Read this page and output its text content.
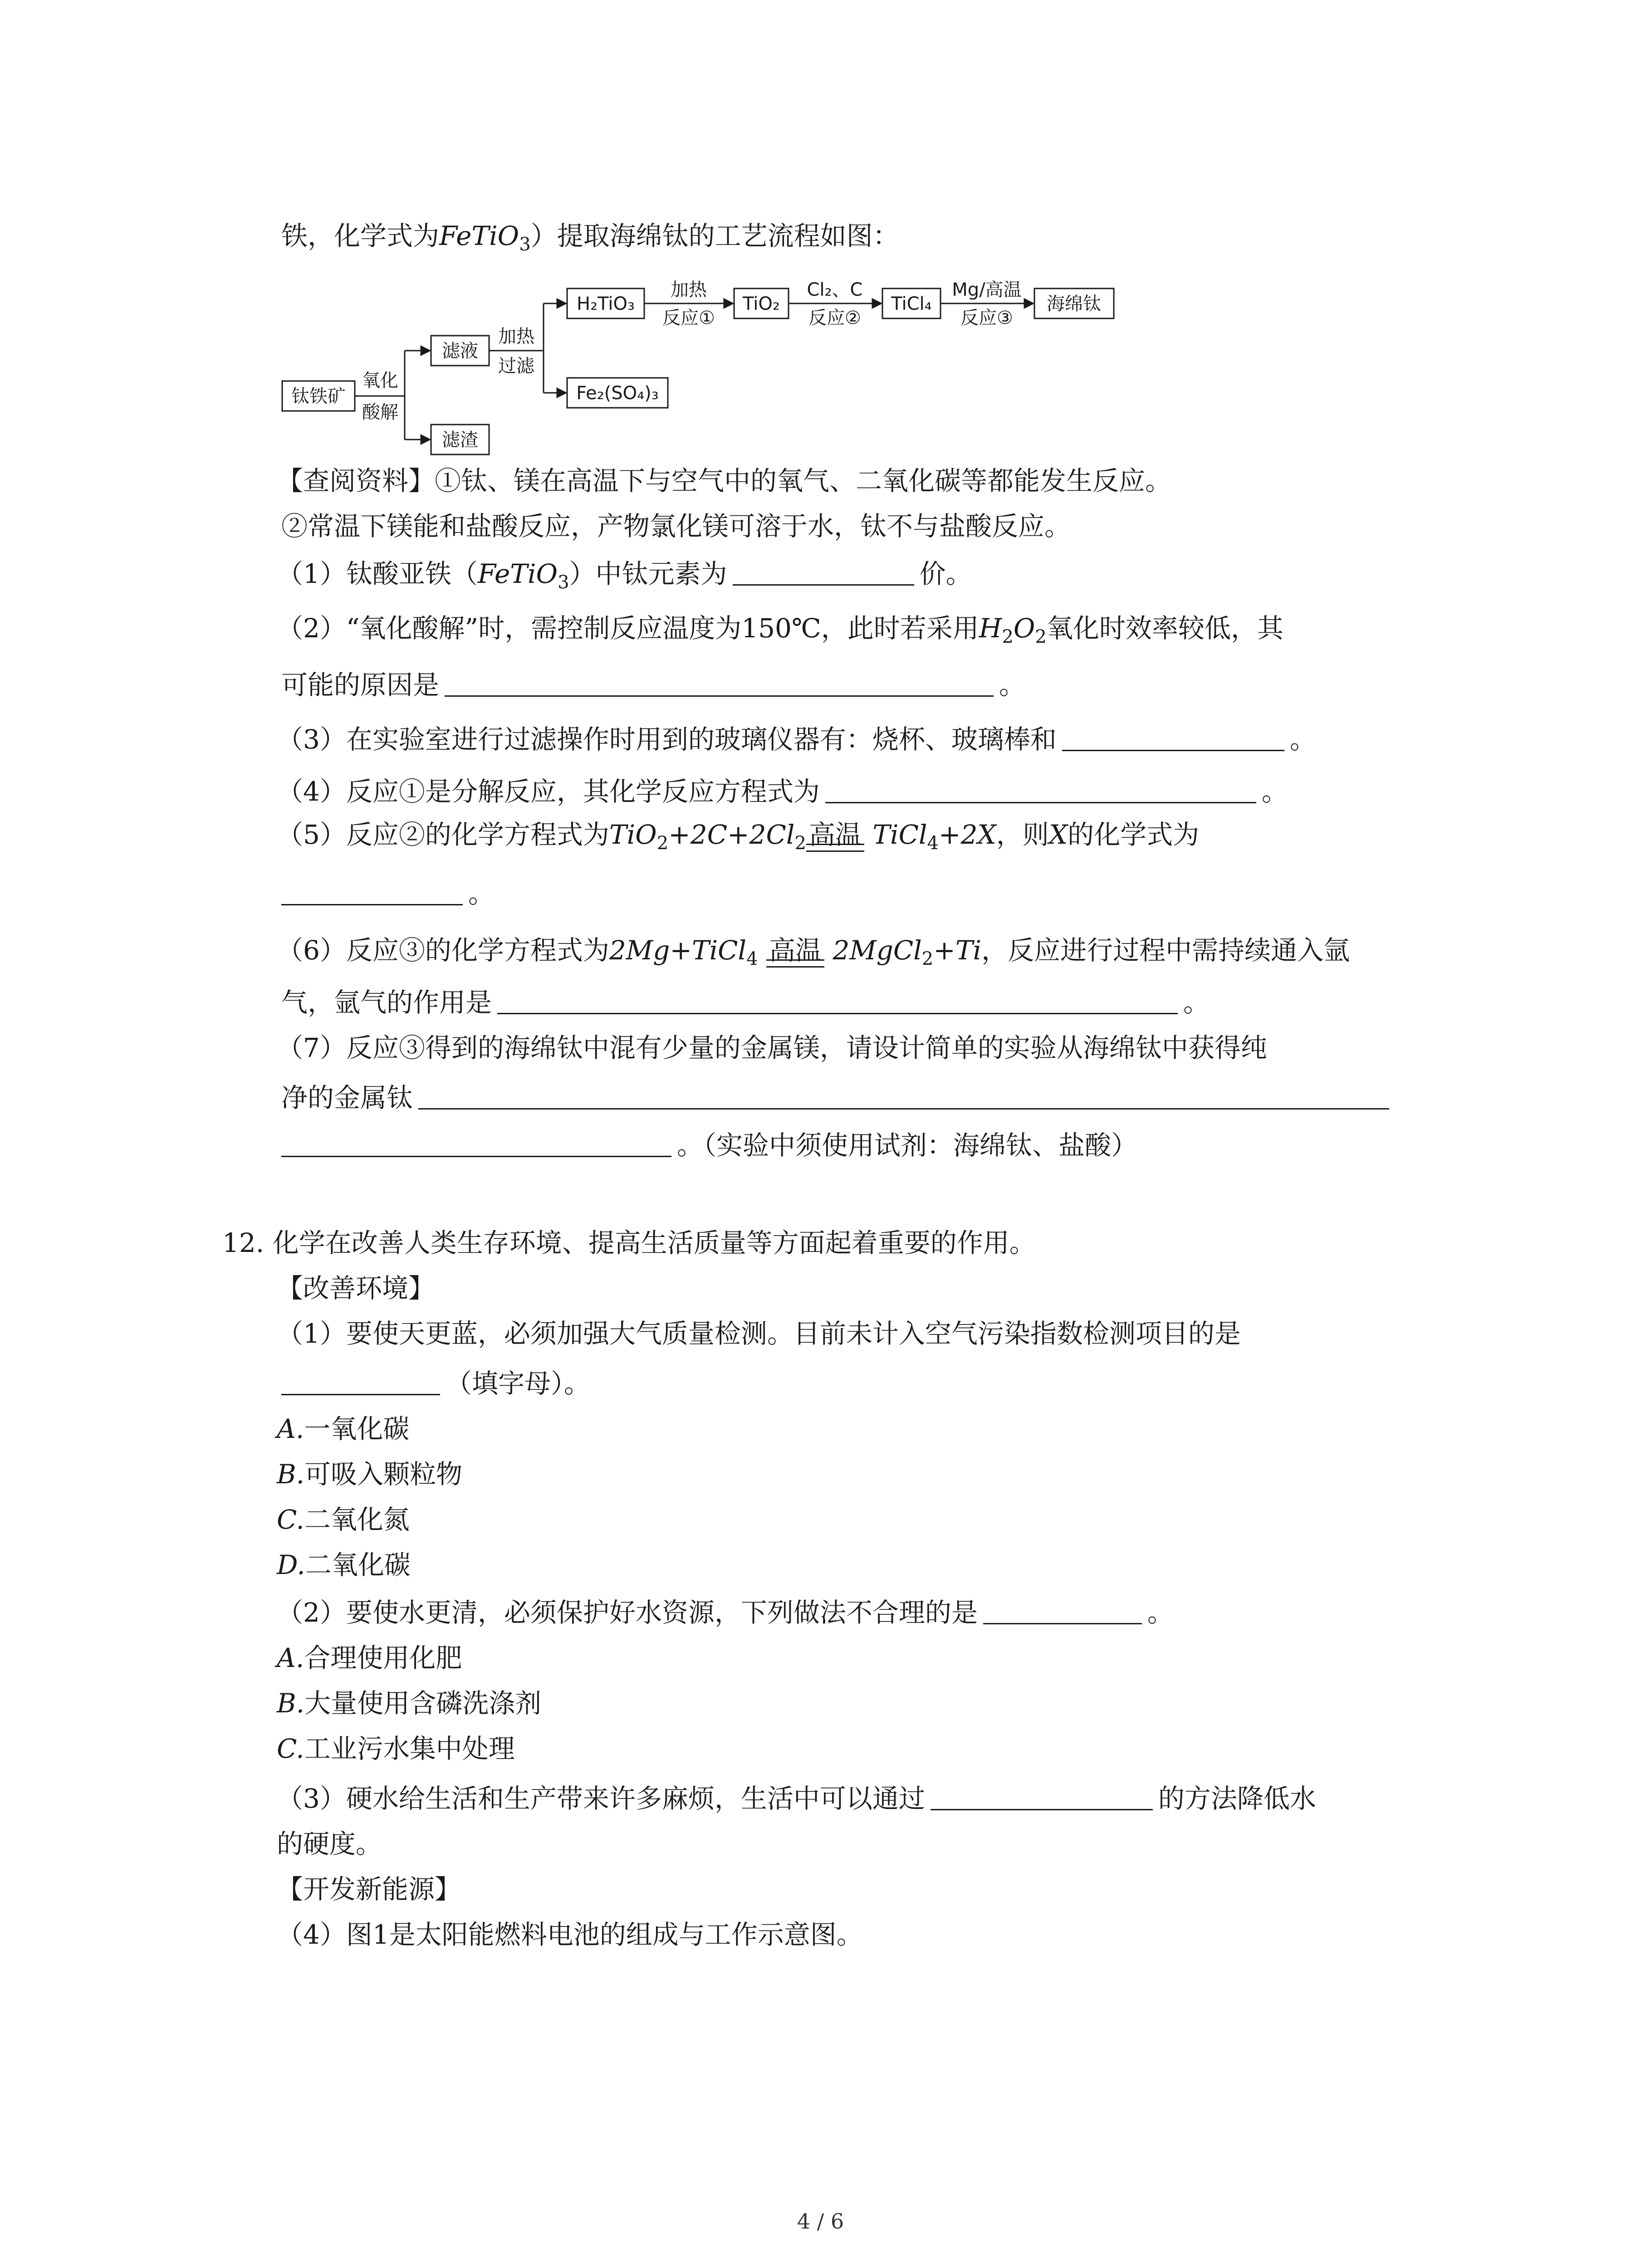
铁，化学式为FeTiO$_3$）提取海绵钛的工艺流程如图：
钛铁矿
滤液
滤渣
H₂TiO₃
Fe₂(SO₄)₃
TiO₂	TiCl₄	海绵钛
氧化
酸解
加热
过滤
加热
反应①
Cl₂、C
反应②
Mg/高温
反应③
【查阅资料】①钛、镁在高温下与空气中的氧气、二氧化碳等都能发生反应。
②常温下镁能和盐酸反应，产物氯化镁可溶于水，钛不与盐酸反应。
（1）钛酸亚铁（FeTiO$_3$）中钛元素为	价。
（2）“氧化酸解”时，需控制反应温度为150℃，此时若采用$H_2O_2$氧化时效率较低，其
可能的原因是	。
（3）在实验室进行过滤操作时用到的玻璃仪器有：烧杯、玻璃棒和	。
（4）反应①是分解反应，其化学反应方程式为	。
（5）反应②的化学方程式为$TiO_2+2C+2Cl_2$ 高温 TiCl$_4$+2X，则X的化学式为
。
（6）反应③的化学方程式为2Mg+TiCl$_4$ 高温 2MgCl$_2$+Ti，反应进行过程中需持续通入氩
气，氩气的作用是	。
（7）反应③得到的海绵钛中混有少量的金属镁，请设计简单的实验从海绵钛中获得纯
净的金属钛
。（实验中须使用试剂：海绵钛、盐酸）
12. 化学在改善人类生存环境、提高生活质量等方面起着重要的作用。
【改善环境】
（1）要使天更蓝，必须加强大气质量检测。目前未计入空气污染指数检测项目的是
（填字母）。
A.一氧化碳
B.可吸入颗粒物
C.二氧化氮
D.二氧化碳
（2）要使水更清，必须保护好水资源，下列做法不合理的是	。
A.合理使用化肥
B.大量使用含磷洗涤剂
C.工业污水集中处理
（3）硬水给生活和生产带来许多麻烦，生活中可以通过	的方法降低水
的硬度。
【开发新能源】
（4）图1是太阳能燃料电池的组成与工作示意图。
4 / 6
